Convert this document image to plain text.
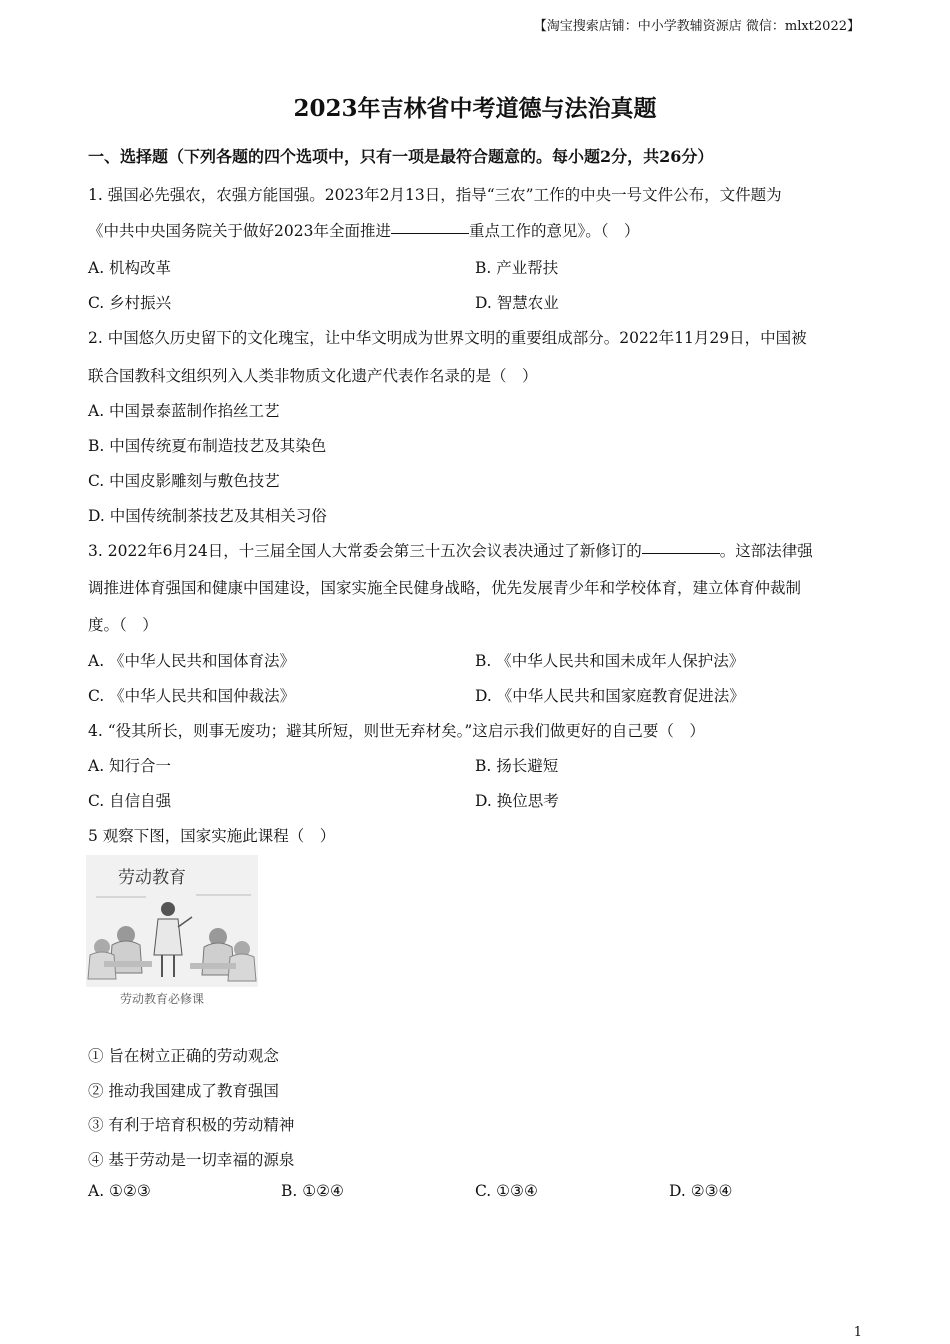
【淘宝搜索店铺：中小学教辅资源店 微信：mlxt2022】
2023年吉林省中考道德与法治真题
一、选择题（下列各题的四个选项中，只有一项是最符合题意的。每小题2分，共26分）
1. 强国必先强农，农强方能国强。2023年2月13日，指导“三农”工作的中央一号文件公布，文件题为
《中共中央国务院关于做好2023年全面推进	重点工作的意见》。（　）
A. 机构改革	B. 产业帮扶
C. 乡村振兴	D. 智慧农业
2. 中国悠久历史留下的文化瑰宝，让中华文明成为世界文明的重要组成部分。2022年11月29日，中国被
联合国教科文组织列入人类非物质文化遗产代表作名录的是（　）
A. 中国景泰蓝制作掐丝工艺
B. 中国传统夏布制造技艺及其染色
C. 中国皮影雕刻与敷色技艺
D. 中国传统制茶技艺及其相关习俗
3. 2022年6月24日，十三届全国人大常委会第三十五次会议表决通过了新修订的	。这部法律强
调推进体育强国和健康中国建设，国家实施全民健身战略，优先发展青少年和学校体育，建立体育仲裁制
度。（　）
A. 《中华人民共和国体育法》	B. 《中华人民共和国未成年人保护法》
C. 《中华人民共和国仲裁法》	D. 《中华人民共和国家庭教育促进法》
4. “役其所长，则事无废功；避其所短，则世无弃材矣。”这启示我们做更好的自己要（　）
A. 知行合一	B. 扬长避短
C. 自信自强	D. 换位思考
5 观察下图，国家实施此课程（　）
劳动教育
劳动教育必修课
① 旨在树立正确的劳动观念
② 推动我国建成了教育强国
③ 有利于培育积极的劳动精神
④ 基于劳动是一切幸福的源泉
A. ①②③	B. ①②④	C. ①③④	D. ②③④
1
